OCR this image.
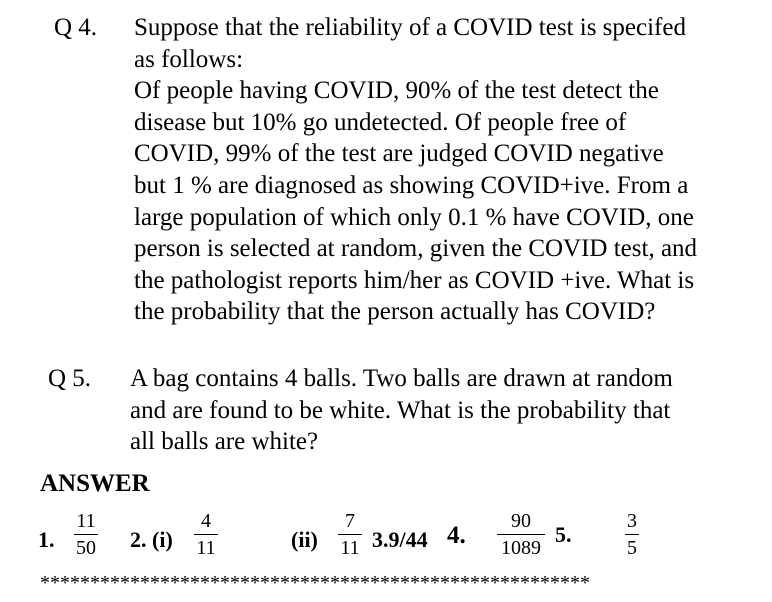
Q 4. Suppose that the reliability of a COVID test is specifed
as follows:
Of people having COVID, 90% of the test detect the
disease but 10% go undetected. Of people free of
COVID, 99% of the test are judged COVID negative
but 1 % are diagnosed as showing COVID+ive. From a
large population of which only 0.1 % have COVID, one
person is selected at random, given the COVID test, and
the pathologist reports him/her as COVID +ive. What is
the probability that the person actually has COVID?
Q 5. A bag contains 4 balls. Two balls are drawn at random
and are found to be white. What is the probability that
all balls are white?
ANSWER
1.
11
50	2. (i)
4
11	(ii)
7
11 3.9/44 4.
90
1089
5.
3
5
*******************************************************
